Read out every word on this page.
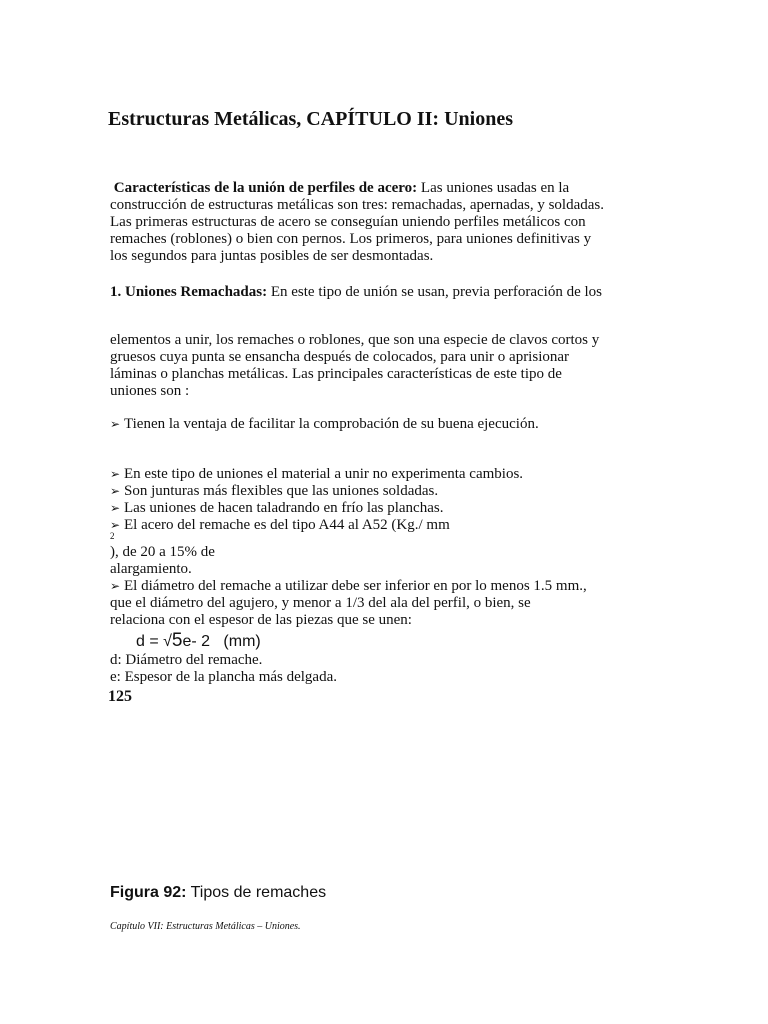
Estructuras Metálicas, CAPÍTULO II: Uniones
Características de la unión de perfiles de acero: Las uniones usadas en la
construcción de estructuras metálicas son tres: remachadas, apernadas, y soldadas.
Las primeras estructuras de acero se conseguían uniendo perfiles metálicos con
remaches (roblones) o bien con pernos. Los primeros, para uniones definitivas y
los segundos para juntas posibles de ser desmontadas.
1. Uniones Remachadas: En este tipo de unión se usan, previa perforación de los
elementos a unir, los remaches o roblones, que son una especie de clavos cortos y
gruesos cuya punta se ensancha después de colocados, para unir o aprisionar
láminas o planchas metálicas. Las principales características de este tipo de
uniones son :
➢ Tienen la ventaja de facilitar la comprobación de su buena ejecución.
➢ En este tipo de uniones el material a unir no experimenta cambios.
➢ Son junturas más flexibles que las uniones soldadas.
➢ Las uniones de hacen taladrando en frío las planchas.
➢ El acero del remache es del tipo A44 al A52 (Kg./ mm
2
), de 20 a 15% de
alargamiento.
➢ El diámetro del remache a utilizar debe ser inferior en por lo menos 1.5 mm.,
que el diámetro del agujero, y menor a 1/3 del ala del perfil, o bien, se
relaciona con el espesor de las piezas que se unen:
d = √5e- 2 (mm)
d: Diámetro del remache.
e: Espesor de la plancha más delgada.
125
Figura 92: Tipos de remaches
Capítulo VII: Estructuras Metálicas – Uniones.
